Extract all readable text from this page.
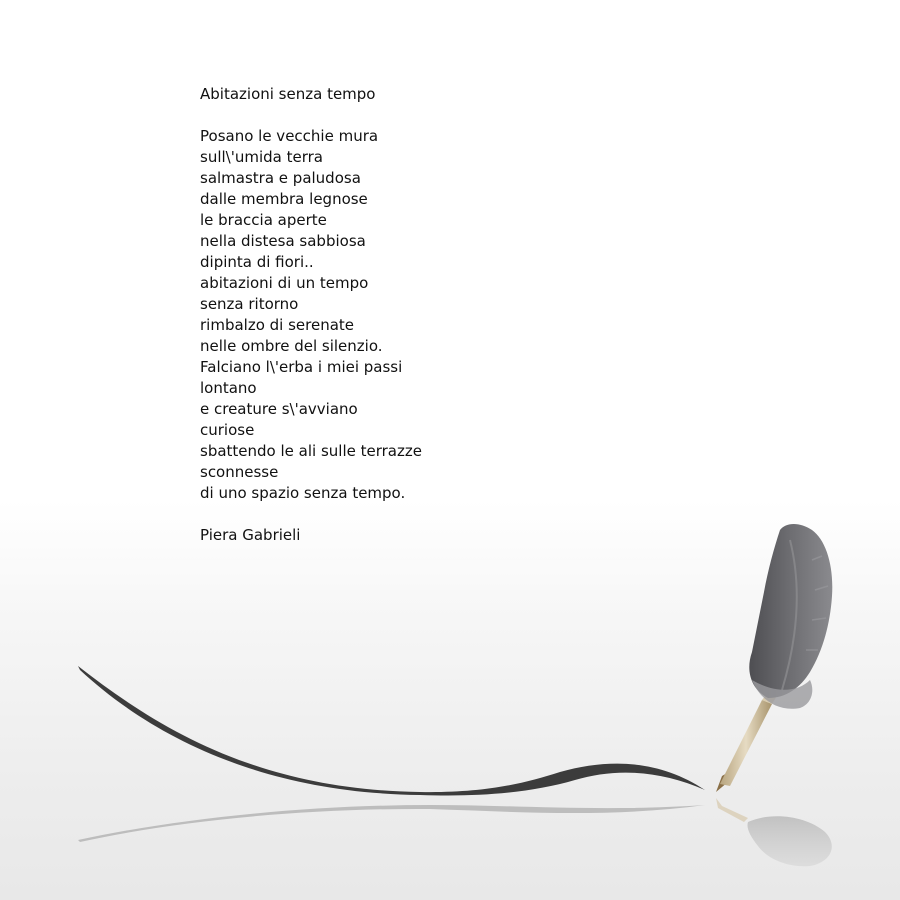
Abitazioni senza tempo
Posano le vecchie mura
sull\'umida terra
salmastra e paludosa
dalle membra legnose
le braccia aperte
nella distesa sabbiosa
dipinta di fiori..
abitazioni di un tempo
senza ritorno
rimbalzo di serenate
nelle ombre del silenzio.
Falciano l\'erba i miei passi
lontano
e creature s\'avviano
curiose
sbattendo le ali sulle terrazze
sconnesse
di uno spazio senza tempo.
Piera Gabrieli
